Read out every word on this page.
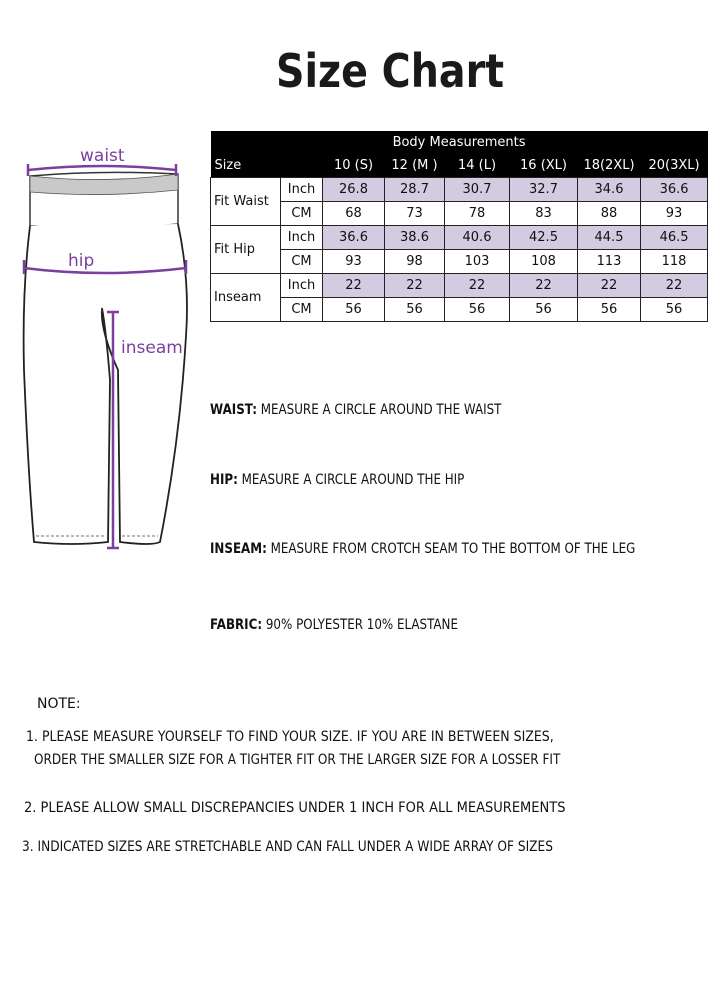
Size Chart
waist
hip
inseam
Body Measurements							
Size		10 (S)	12 (M )	14 (L)	16 (XL)	18(2XL)	20(3XL)
Fit Waist	Inch	26.8	28.7	30.7	32.7	34.6	36.6
	CM	68	73	78	83	88	93
Fit Hip	Inch	36.6	38.6	40.6	42.5	44.5	46.5
	CM	93	98	103	108	113	118
Inseam	Inch	22	22	22	22	22	22
	CM	56	56	56	56	56	56
WAIST: MEASURE A CIRCLE AROUND THE WAIST
HIP: MEASURE A CIRCLE AROUND THE HIP
INSEAM: MEASURE FROM CROTCH SEAM TO THE BOTTOM OF THE LEG
FABRIC: 90% POLYESTER 10% ELASTANE
NOTE:
1. PLEASE MEASURE YOURSELF TO FIND YOUR SIZE. IF YOU ARE IN BETWEEN SIZES,
ORDER THE SMALLER SIZE FOR A TIGHTER FIT OR THE LARGER SIZE FOR A LOSSER FIT
2. PLEASE ALLOW SMALL DISCREPANCIES UNDER 1 INCH FOR ALL MEASUREMENTS
3. INDICATED SIZES ARE STRETCHABLE AND CAN FALL UNDER A WIDE ARRAY OF SIZES
